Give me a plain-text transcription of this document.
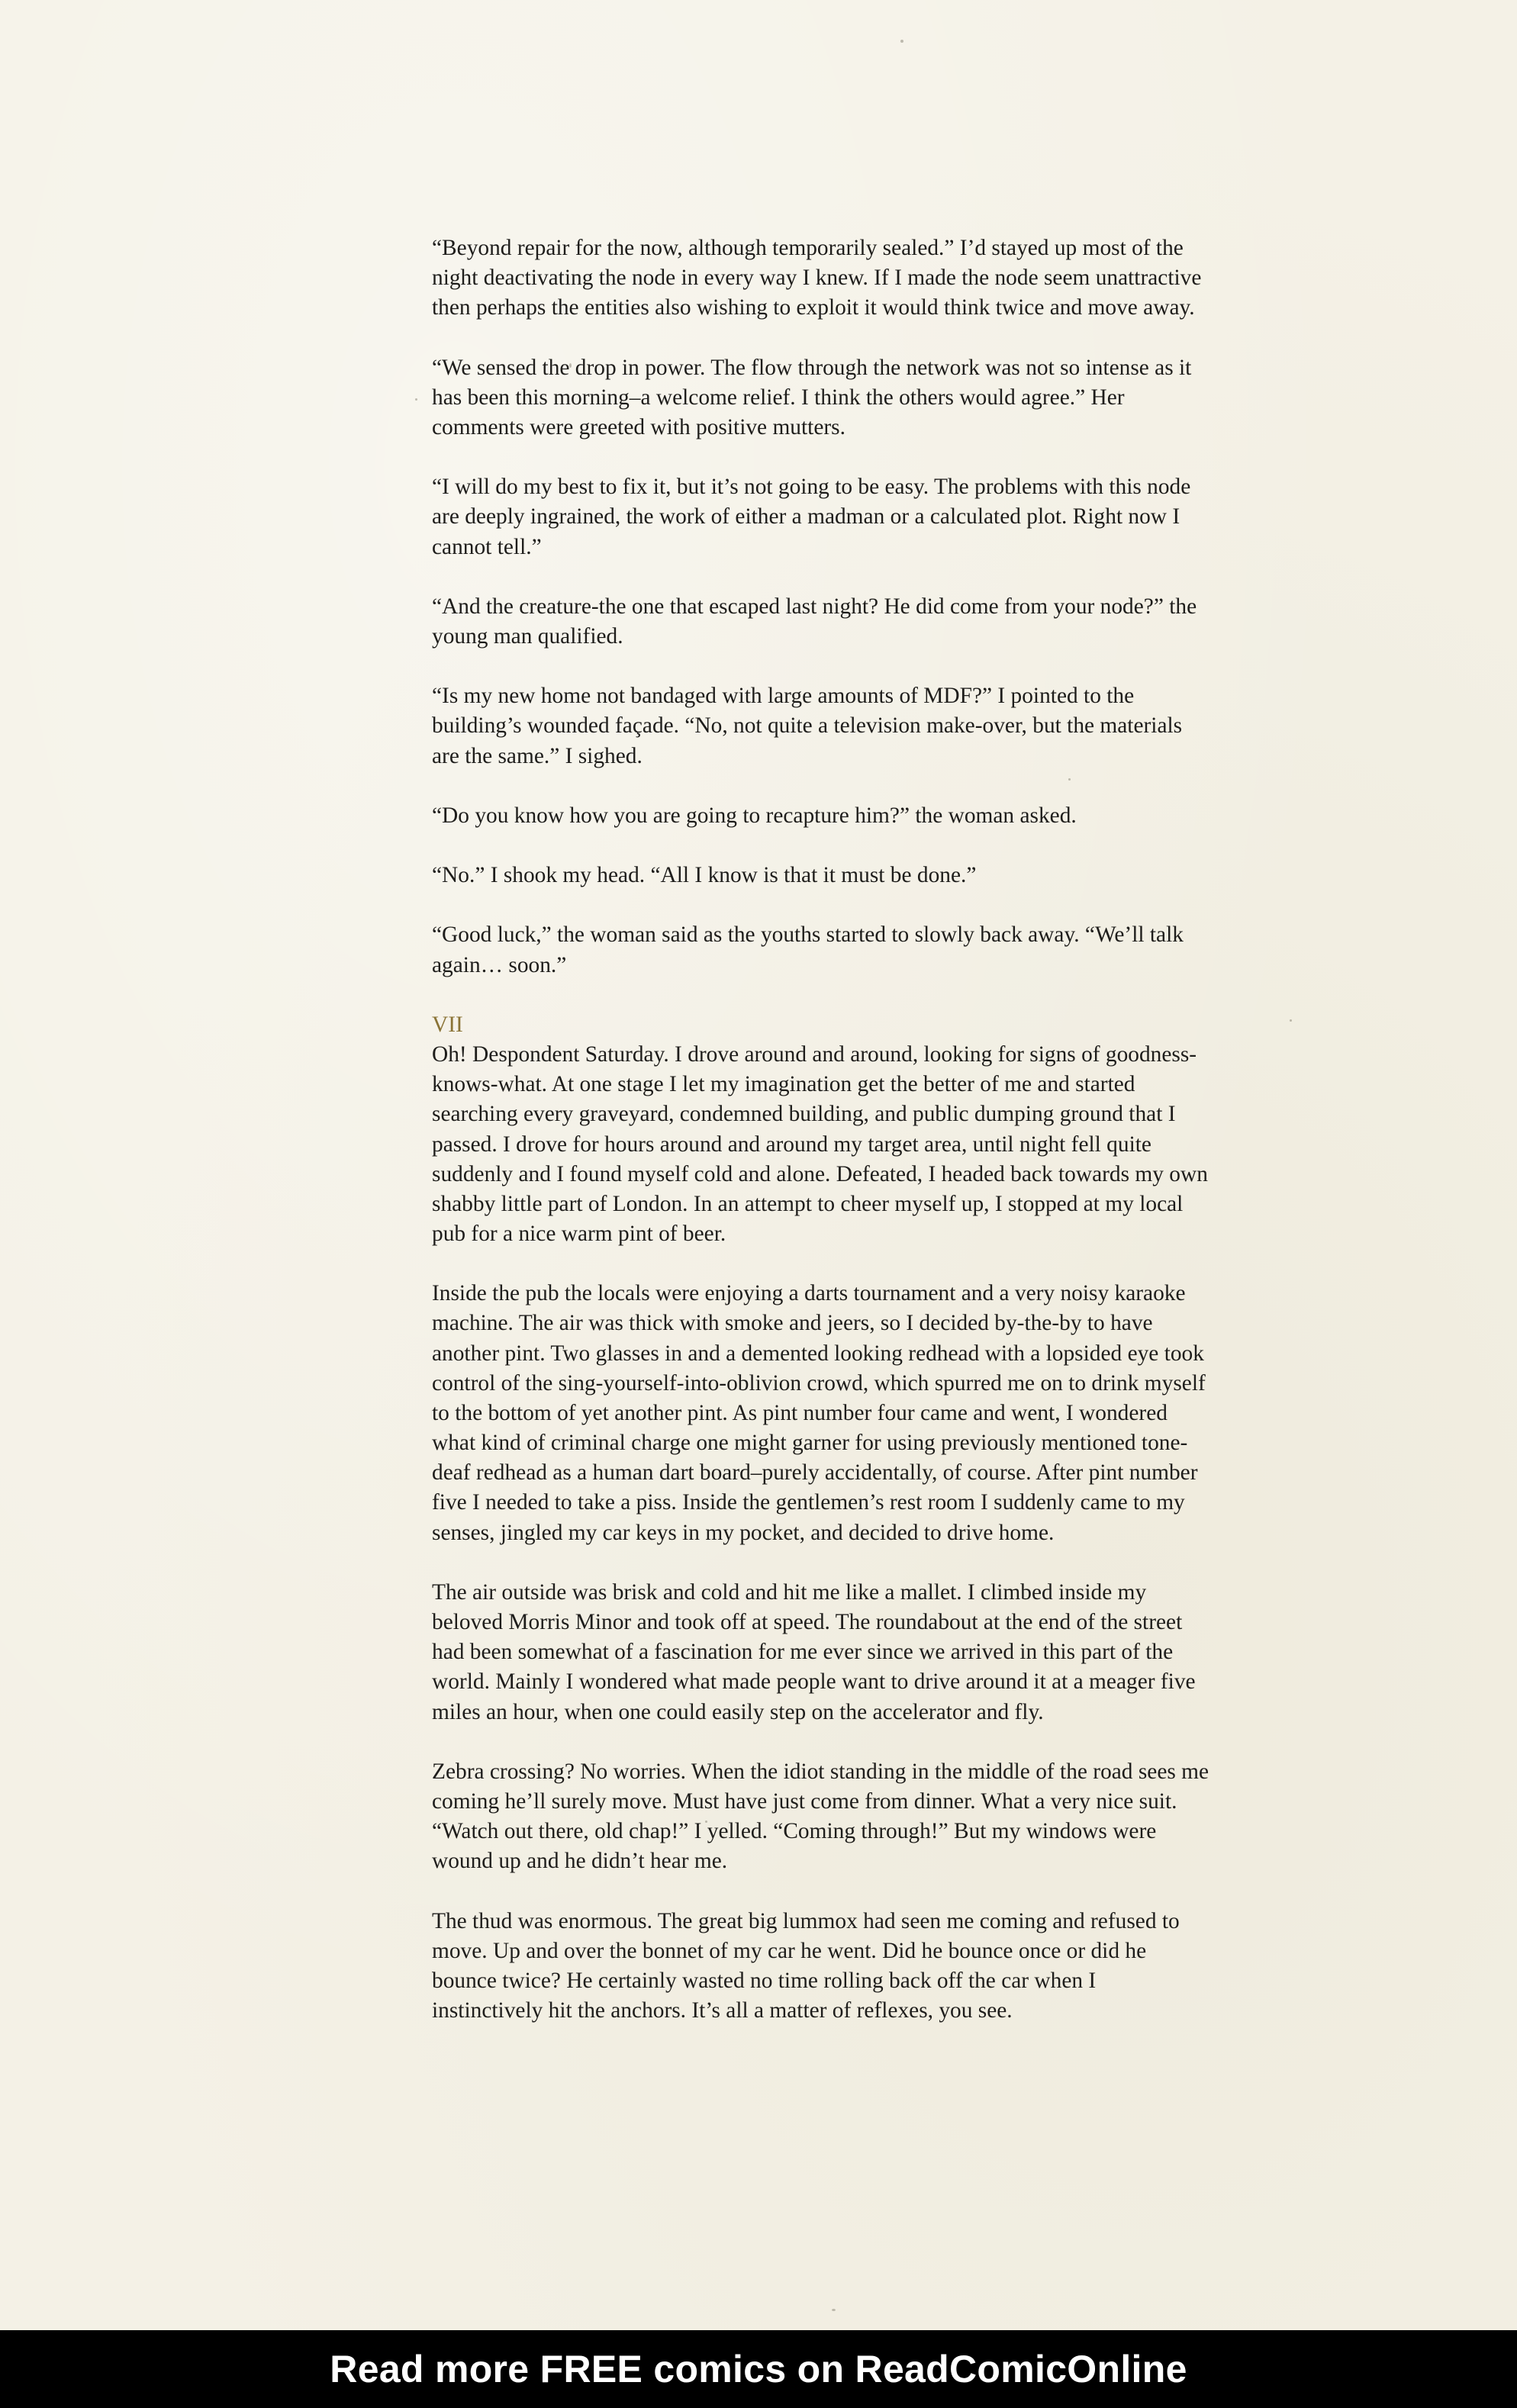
“Beyond repair for the now, although temporarily sealed.” I’d stayed up most of the night deactivating the node in every way I knew. If I made the node seem unattractive then perhaps the entities also wishing to exploit it would think twice and move away.

“We sensed the drop in power. The flow through the network was not so intense as it has been this morning–a welcome relief. I think the others would agree.” Her comments were greeted with positive mutters.

“I will do my best to fix it, but it’s not going to be easy. The problems with this node are deeply ingrained, the work of either a madman or a calculated plot. Right now I cannot tell.”

“And the creature-the one that escaped last night? He did come from your node?” the young man qualified.

“Is my new home not bandaged with large amounts of MDF?” I pointed to the building’s wounded façade. “No, not quite a television make-over, but the materials are the same.” I sighed.

“Do you know how you are going to recapture him?” the woman asked.

“No.” I shook my head. “All I know is that it must be done.”

“Good luck,” the woman said as the youths started to slowly back away. “We’ll talk again… soon.”

VII

Oh! Despondent Saturday. I drove around and around, looking for signs of goodness-knows-what. At one stage I let my imagination get the better of me and started searching every graveyard, condemned building, and public dumping ground that I passed. I drove for hours around and around my target area, until night fell quite suddenly and I found myself cold and alone. Defeated, I headed back towards my own shabby little part of London. In an attempt to cheer myself up, I stopped at my local pub for a nice warm pint of beer.

Inside the pub the locals were enjoying a darts tournament and a very noisy karaoke machine. The air was thick with smoke and jeers, so I decided by-the-by to have another pint. Two glasses in and a demented looking redhead with a lopsided eye took control of the sing-yourself-into-oblivion crowd, which spurred me on to drink myself to the bottom of yet another pint. As pint number four came and went, I wondered what kind of criminal charge one might garner for using previously mentioned tone-deaf redhead as a human dart board–purely accidentally, of course. After pint number five I needed to take a piss. Inside the gentlemen’s rest room I suddenly came to my senses, jingled my car keys in my pocket, and decided to drive home.

The air outside was brisk and cold and hit me like a mallet. I climbed inside my beloved Morris Minor and took off at speed. The roundabout at the end of the street had been somewhat of a fascination for me ever since we arrived in this part of the world. Mainly I wondered what made people want to drive around it at a meager five miles an hour, when one could easily step on the accelerator and fly.

Zebra crossing? No worries. When the idiot standing in the middle of the road sees me coming he’ll surely move. Must have just come from dinner. What a very nice suit. “Watch out there, old chap!” I yelled. “Coming through!” But my windows were wound up and he didn’t hear me.

The thud was enormous. The great big lummox had seen me coming and refused to move. Up and over the bonnet of my car he went. Did he bounce once or did he bounce twice? He certainly wasted no time rolling back off the car when I instinctively hit the anchors. It’s all a matter of reflexes, you see.

Read more FREE comics on ReadComicOnline
